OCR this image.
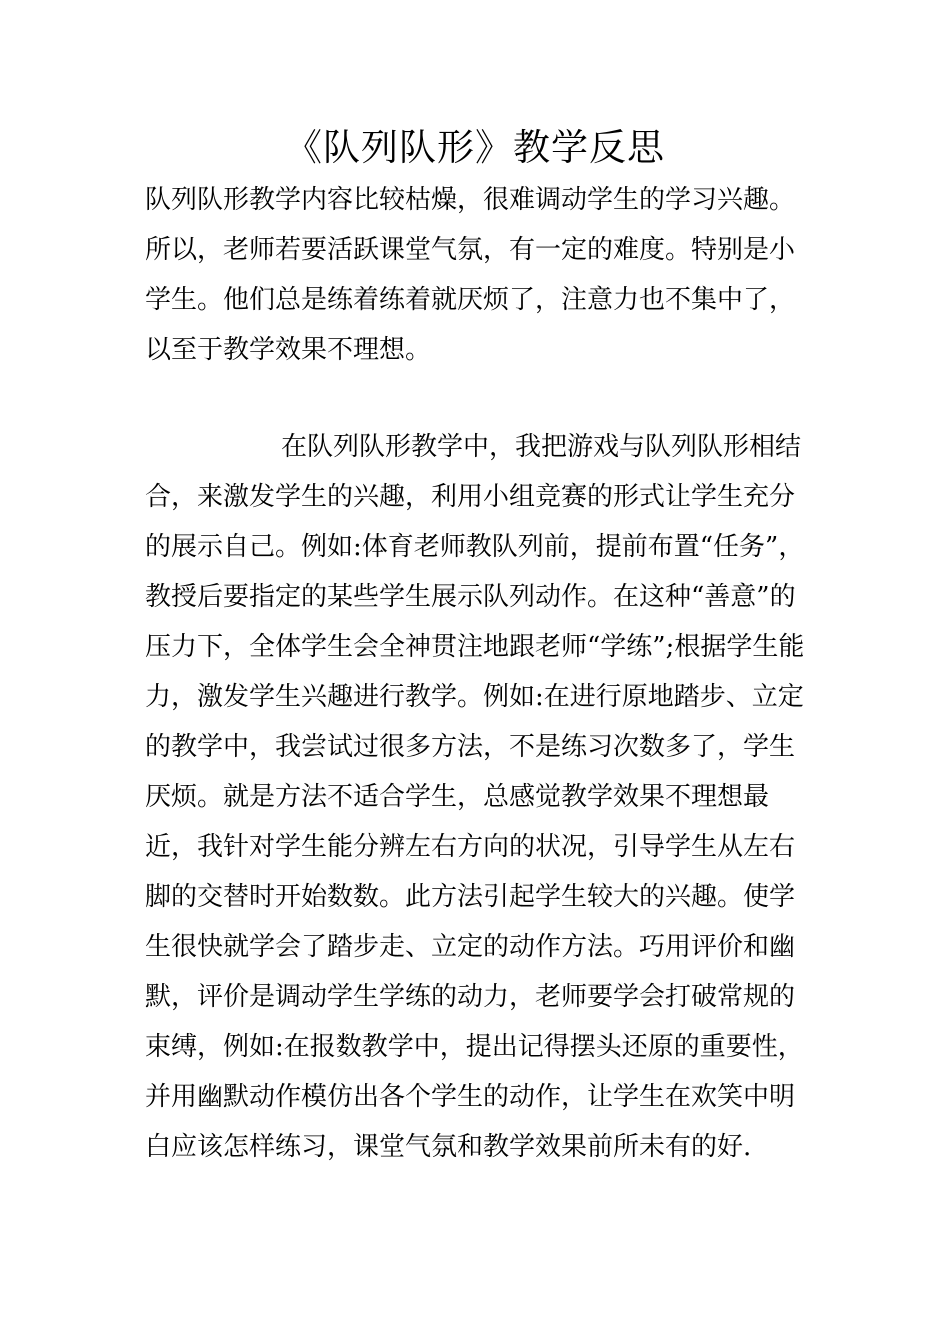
《队列队形》教学反思

队列队形教学内容比较枯燥，很难调动学生的学习兴趣。所以，老师若要活跃课堂气氛，有一定的难度。特别是小学生。他们总是练着练着就厌烦了，注意力也不集中了，以至于教学效果不理想。

在队列队形教学中，我把游戏与队列队形相结合，来激发学生的兴趣，利用小组竞赛的形式让学生充分的展示自己。例如:体育老师教队列前，提前布置“任务”，教授后要指定的某些学生展示队列动作。在这种“善意”的压力下，全体学生会全神贯注地跟老师“学练”;根据学生能力，激发学生兴趣进行教学。例如:在进行原地踏步、立定的教学中，我尝试过很多方法，不是练习次数多了，学生厌烦。就是方法不适合学生，总感觉教学效果不理想最近，我针对学生能分辨左右方向的状况，引导学生从左右脚的交替时开始数数。此方法引起学生较大的兴趣。使学生很快就学会了踏步走、立定的动作方法。巧用评价和幽默，评价是调动学生学练的动力，老师要学会打破常规的束缚，例如:在报数教学中，提出记得摆头还原的重要性，并用幽默动作模仿出各个学生的动作，让学生在欢笑中明白应该怎样练习，课堂气氛和教学效果前所未有的好.
